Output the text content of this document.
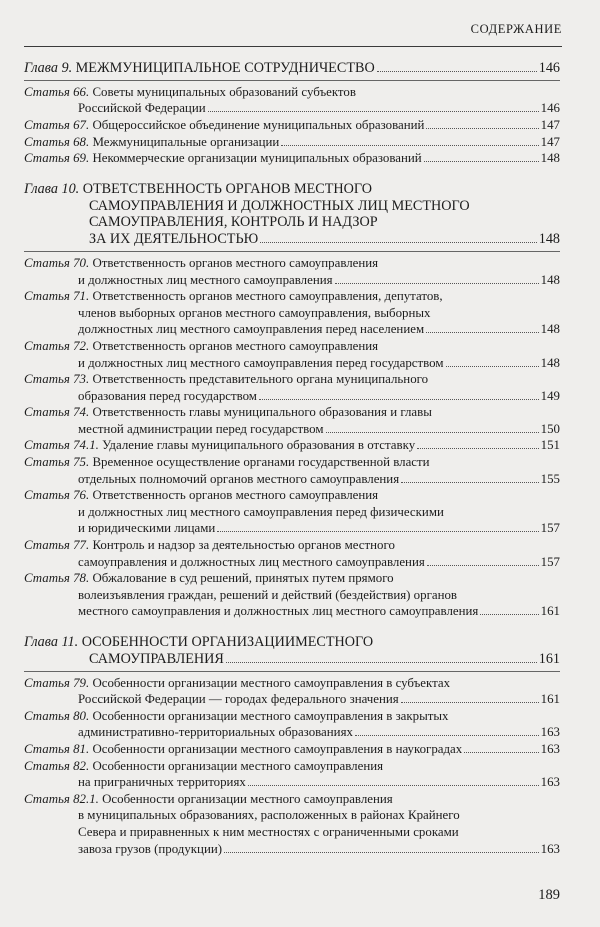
СОДЕРЖАНИЕ
Глава 9. МЕЖМУНИЦИПАЛЬНОЕ СОТРУДНИЧЕСТВО	146
Статья 66. Советы муниципальных образований субъектов
Российской Федерации	146
Статья 67. Общероссийское объединение муниципальных образований	147
Статья 68. Межмуниципальные организации	147
Статья 69. Некоммерческие организации муниципальных образований	148
Глава 10. ОТВЕТСТВЕННОСТЬ ОРГАНОВ МЕСТНОГО
САМОУПРАВЛЕНИЯ И ДОЛЖНОСТНЫХ ЛИЦ МЕСТНОГО
САМОУПРАВЛЕНИЯ, КОНТРОЛЬ И НАДЗОР
ЗА ИХ ДЕЯТЕЛЬНОСТЬЮ	148
Статья 70. Ответственность органов местного самоуправления
и должностных лиц местного самоуправления	148
Статья 71. Ответственность органов местного самоуправления, депутатов,
членов выборных органов местного самоуправления, выборных
должностных лиц местного самоуправления перед населением	148
Статья 72. Ответственность органов местного самоуправления
и должностных лиц местного самоуправления перед государством	148
Статья 73. Ответственность представительного органа муниципального
образования перед государством	149
Статья 74. Ответственность главы муниципального образования и главы
местной администрации перед государством	150
Статья 74.1. Удаление главы муниципального образования в отставку	151
Статья 75. Временное осуществление органами государственной власти
отдельных полномочий органов местного самоуправления	155
Статья 76. Ответственность органов местного самоуправления
и должностных лиц местного самоуправления перед физическими
и юридическими лицами	157
Статья 77. Контроль и надзор за деятельностью органов местного
самоуправления и должностных лиц местного самоуправления	157
Статья 78. Обжалование в суд решений, принятых путем прямого
волеизъявления граждан, решений и действий (бездействия) органов
местного самоуправления и должностных лиц местного самоуправления	161
Глава 11. ОСОБЕННОСТИ ОРГАНИЗАЦИИМЕСТНОГО
САМОУПРАВЛЕНИЯ	161
Статья 79. Особенности организации местного самоуправления в субъектах
Российской Федерации — городах федерального значения	161
Статья 80. Особенности организации местного самоуправления в закрытых
административно-территориальных образованиях	163
Статья 81. Особенности организации местного самоуправления в наукоградах	163
Статья 82. Особенности организации местного самоуправления
на приграничных территориях	163
Статья 82.1. Особенности организации местного самоуправления
в муниципальных образованиях, расположенных в районах Крайнего
Севера и приравненных к ним местностях с ограниченными сроками
завоза грузов (продукции)	163
189
